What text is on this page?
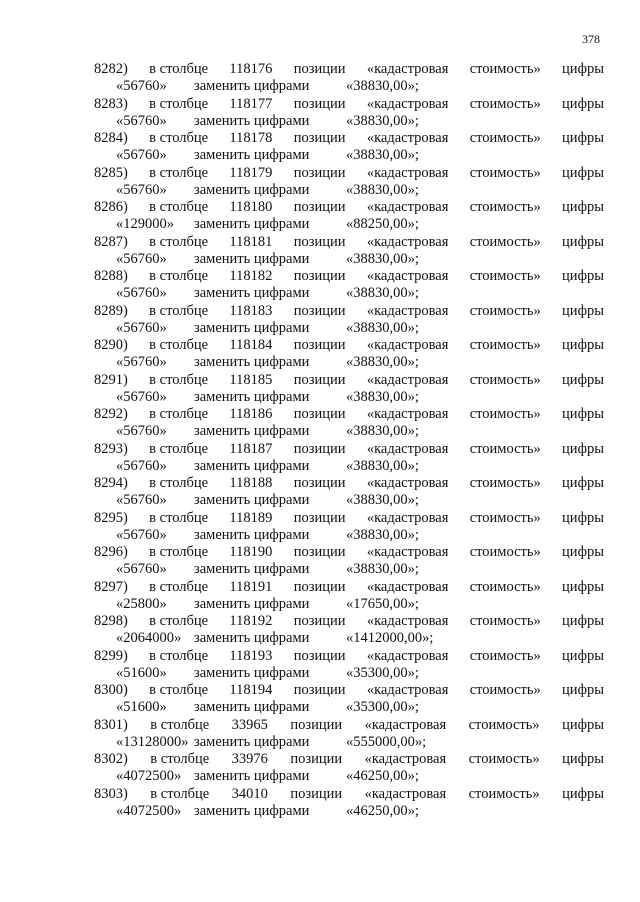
378
8282) в столбце 118176 позиции «кадастровая стоимость» цифры
«56760»	заменить цифрами	«38830,00»;
8283) в столбце 118177 позиции «кадастровая стоимость» цифры
«56760»	заменить цифрами	«38830,00»;
8284) в столбце 118178 позиции «кадастровая стоимость» цифры
«56760»	заменить цифрами	«38830,00»;
8285) в столбце 118179 позиции «кадастровая стоимость» цифры
«56760»	заменить цифрами	«38830,00»;
8286) в столбце 118180 позиции «кадастровая стоимость» цифры
«129000»	заменить цифрами	«88250,00»;
8287) в столбце 118181 позиции «кадастровая стоимость» цифры
«56760»	заменить цифрами	«38830,00»;
8288) в столбце 118182 позиции «кадастровая стоимость» цифры
«56760»	заменить цифрами	«38830,00»;
8289) в столбце 118183 позиции «кадастровая стоимость» цифры
«56760»	заменить цифрами	«38830,00»;
8290) в столбце 118184 позиции «кадастровая стоимость» цифры
«56760»	заменить цифрами	«38830,00»;
8291) в столбце 118185 позиции «кадастровая стоимость» цифры
«56760»	заменить цифрами	«38830,00»;
8292) в столбце 118186 позиции «кадастровая стоимость» цифры
«56760»	заменить цифрами	«38830,00»;
8293) в столбце 118187 позиции «кадастровая стоимость» цифры
«56760»	заменить цифрами	«38830,00»;
8294) в столбце 118188 позиции «кадастровая стоимость» цифры
«56760»	заменить цифрами	«38830,00»;
8295) в столбце 118189 позиции «кадастровая стоимость» цифры
«56760»	заменить цифрами	«38830,00»;
8296) в столбце 118190 позиции «кадастровая стоимость» цифры
«56760»	заменить цифрами	«38830,00»;
8297) в столбце 118191 позиции «кадастровая стоимость» цифры
«25800»	заменить цифрами	«17650,00»;
8298) в столбце 118192 позиции «кадастровая стоимость» цифры
«2064000» заменить цифрами	«1412000,00»;
8299) в столбце 118193 позиции «кадастровая стоимость» цифры
«51600»	заменить цифрами	«35300,00»;
8300) в столбце 118194 позиции «кадастровая стоимость» цифры
«51600»	заменить цифрами	«35300,00»;
8301) в столбце 33965 позиции «кадастровая стоимость» цифры
«13128000» заменить цифрами	«555000,00»;
8302) в столбце 33976 позиции «кадастровая стоимость» цифры
«4072500» заменить цифрами	«46250,00»;
8303) в столбце 34010 позиции «кадастровая стоимость» цифры
«4072500» заменить цифрами	«46250,00»;
